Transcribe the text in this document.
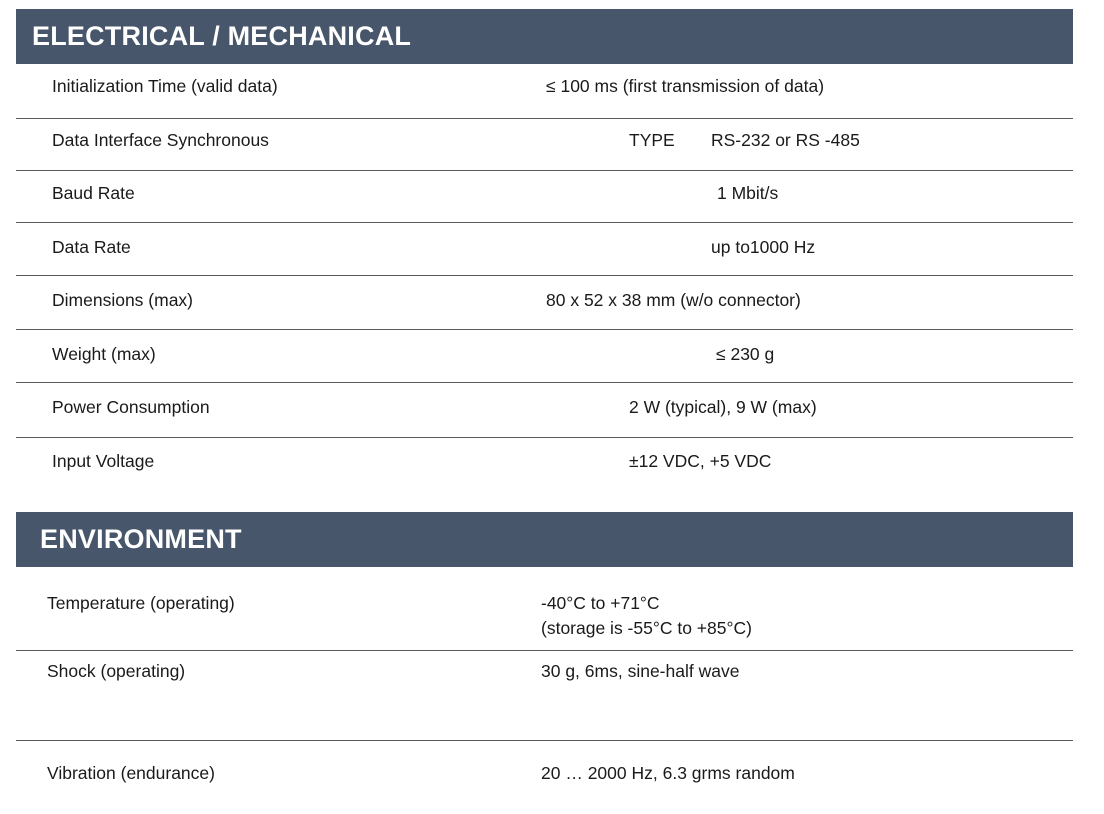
ELECTRICAL / MECHANICAL
Initialization Time (valid data)	≤ 100 ms (first transmission of data)
Data Interface Synchronous	TYPE RS-232 or RS -485
Baud Rate	1 Mbit/s
Data Rate	up to1000 Hz
Dimensions (max)	80 x 52 x 38 mm (w/o connector)
Weight (max)	≤ 230 g
Power Consumption	2 W (typical), 9 W (max)
Input Voltage	±12 VDC, +5 VDC
ENVIRONMENT
Temperature (operating)	-40°C to +71°C
(storage is -55°C to +85°C)
Shock (operating)	30 g, 6ms, sine-half wave
Vibration (endurance)	20 … 2000 Hz, 6.3 grms random
